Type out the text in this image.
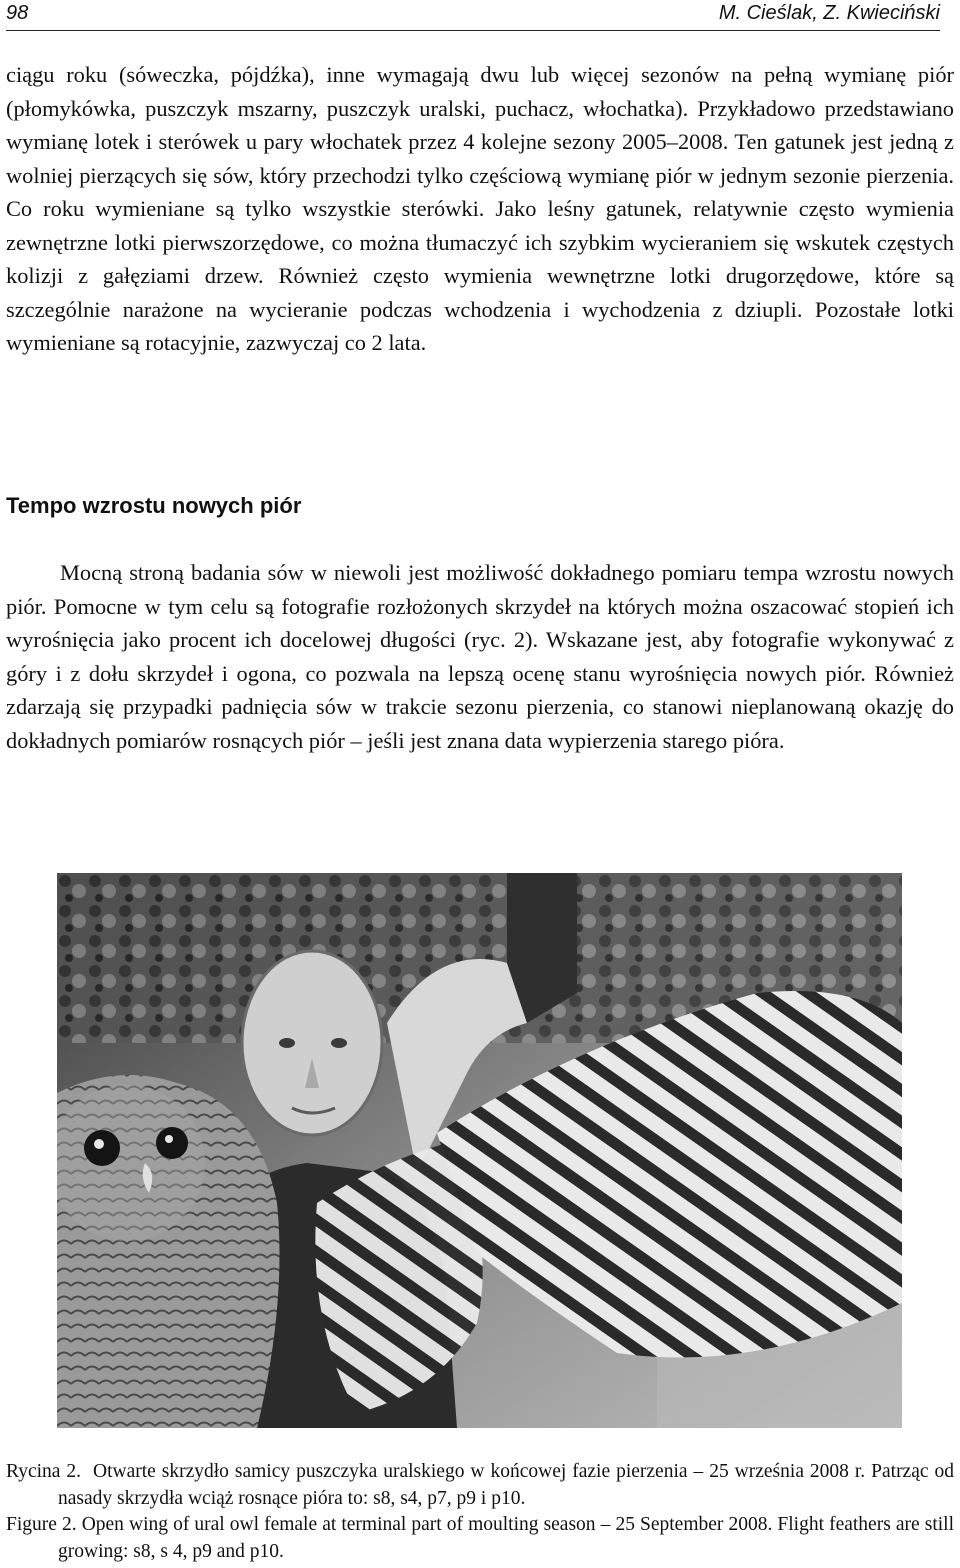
98	M. Cieślak, Z. Kwieciński

ciągu roku (sóweczka, pójdźka), inne wymagają dwu lub więcej sezonów na pełną wymianę piór (płomykówka, puszczyk mszarny, puszczyk uralski, puchacz, włochatka). Przykładowo przedstawiano wymianę lotek i sterówek u pary włochatek przez 4 kolejne sezony 2005–2008. Ten gatunek jest jedną z wolniej pierzących się sów, który przechodzi tylko częściową wymianę piór w jednym sezonie pierzenia. Co roku wymieniane są tylko wszystkie sterówki. Jako leśny gatunek, relatywnie często wymienia zewnętrzne lotki pierwszorzędowe, co można tłumaczyć ich szybkim wycieraniem się wskutek częstych kolizji z gałęziami drzew. Również często wymienia wewnętrzne lotki drugorzędowe, które są szczególnie narażone na wycieranie podczas wchodzenia i wychodzenia z dziupli. Pozostałe lotki wymieniane są rotacyjnie, zazwyczaj co 2 lata.

Tempo wzrostu nowych piór

Mocną stroną badania sów w niewoli jest możliwość dokładnego pomiaru tempa wzrostu nowych piór. Pomocne w tym celu są fotografie rozłożonych skrzydeł na których można oszacować stopień ich wyrośnięcia jako procent ich docelowej długości (ryc. 2). Wskazane jest, aby fotografie wykonywać z góry i z dołu skrzydeł i ogona, co pozwala na lepszą ocenę stanu wyrośnięcia nowych piór. Również zdarzają się przypadki padnięcia sów w trakcie sezonu pierzenia, co stanowi nieplanowaną okazję do dokładnych pomiarów rosnących piór – jeśli jest znana data wypierzenia starego pióra.

Rycina 2. Otwarte skrzydło samicy puszczyka uralskiego w końcowej fazie pierzenia – 25 września 2008 r. Patrząc od nasady skrzydła wciąż rosnące pióra to: s8, s4, p7, p9 i p10.

Figure 2. Open wing of ural owl female at terminal part of moulting season – 25 September 2008. Flight feathers are still growing: s8, s 4, p9 and p10.
